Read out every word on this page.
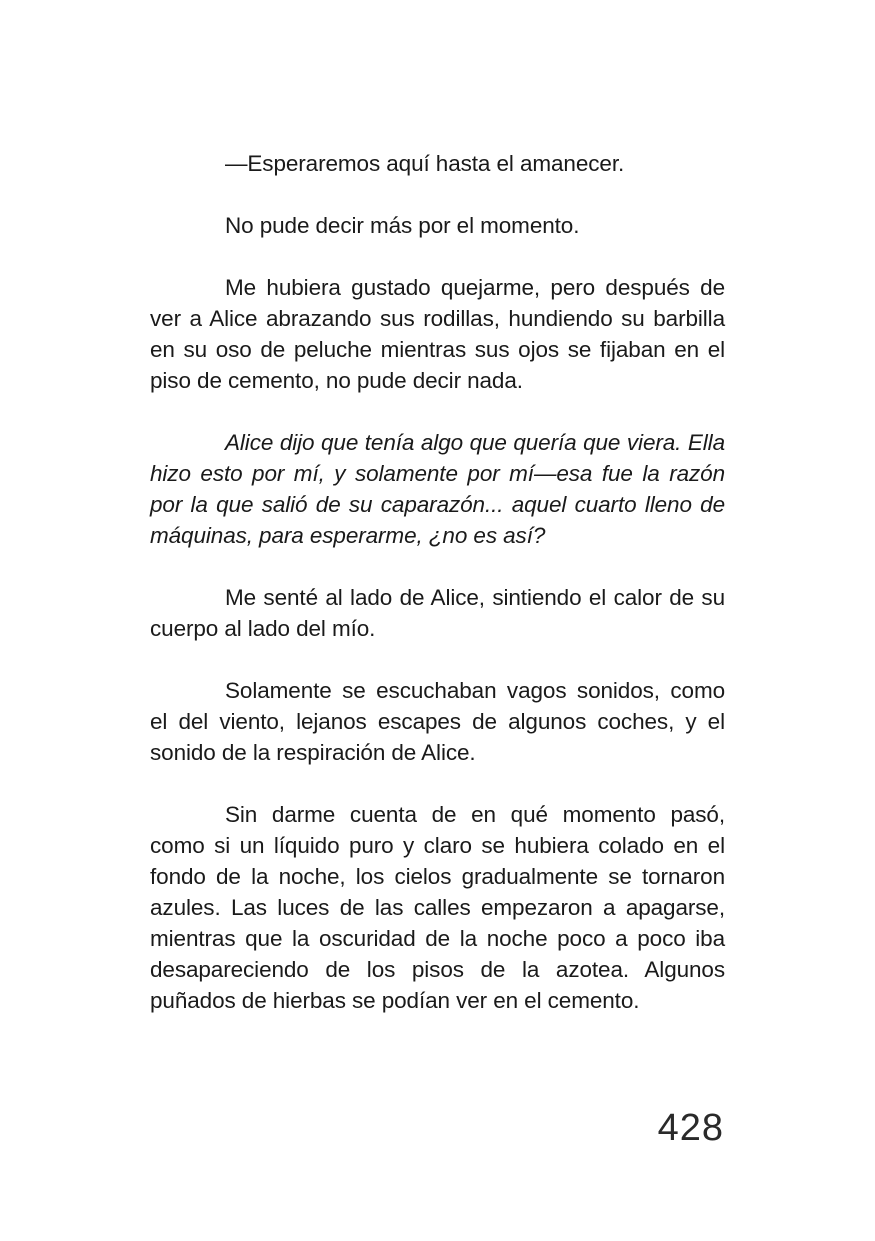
—Esperaremos aquí hasta el amanecer.

No pude decir más por el momento.

Me hubiera gustado quejarme, pero después de ver a Alice abrazando sus rodillas, hundiendo su barbilla en su oso de peluche mientras sus ojos se fijaban en el piso de cemento, no pude decir nada.

Alice dijo que tenía algo que quería que viera. Ella hizo esto por mí, y solamente por mí—esa fue la razón por la que salió de su caparazón... aquel cuarto lleno de máquinas, para esperarme, ¿no es así?

Me senté al lado de Alice, sintiendo el calor de su cuerpo al lado del mío.

Solamente se escuchaban vagos sonidos, como el del viento, lejanos escapes de algunos coches, y el sonido de la respiración de Alice.

Sin darme cuenta de en qué momento pasó, como si un líquido puro y claro se hubiera colado en el fondo de la noche, los cielos gradualmente se tornaron azules. Las luces de las calles empezaron a apagarse, mientras que la oscuridad de la noche poco a poco iba desapareciendo de los pisos de la azotea. Algunos puñados de hierbas se podían ver en el cemento.

428
